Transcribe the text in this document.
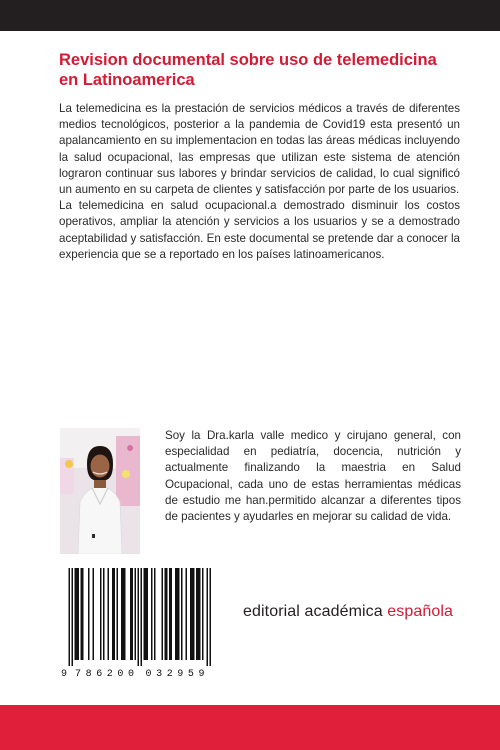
Revision documental sobre uso de telemedicina en Latinoamerica

La telemedicina es la prestación de servicios médicos a través de diferentes medios tecnológicos, posterior a la pandemia de Covid19 esta presentó un apalancamiento en su implementacion en todas las áreas médicas incluyendo la salud ocupacional, las empresas que utilizan este sistema de atención lograron continuar sus labores y brindar servicios de calidad, lo cual significó un aumento en su carpeta de clientes y satisfacción por parte de los usuarios.

La telemedicina en salud ocupacional.a demostrado disminuir los costos operativos, ampliar la atención y servicios a los usuarios y se a demostrado aceptabilidad y satisfacción. En este documental se pretende dar a conocer la experiencia que se a reportado en los países latinoamericanos.

Soy la Dra.karla valle medico y cirujano general, con especialidad en pediatría, docencia, nutrición y actualmente finalizando la maestria en Salud Ocupacional, cada uno de estas herramientas médicas de estudio me han.permitido alcanzar a diferentes tipos de pacientes y ayudarles en mejorar su calidad de vida.

9 786200 032959
editorial académica española
